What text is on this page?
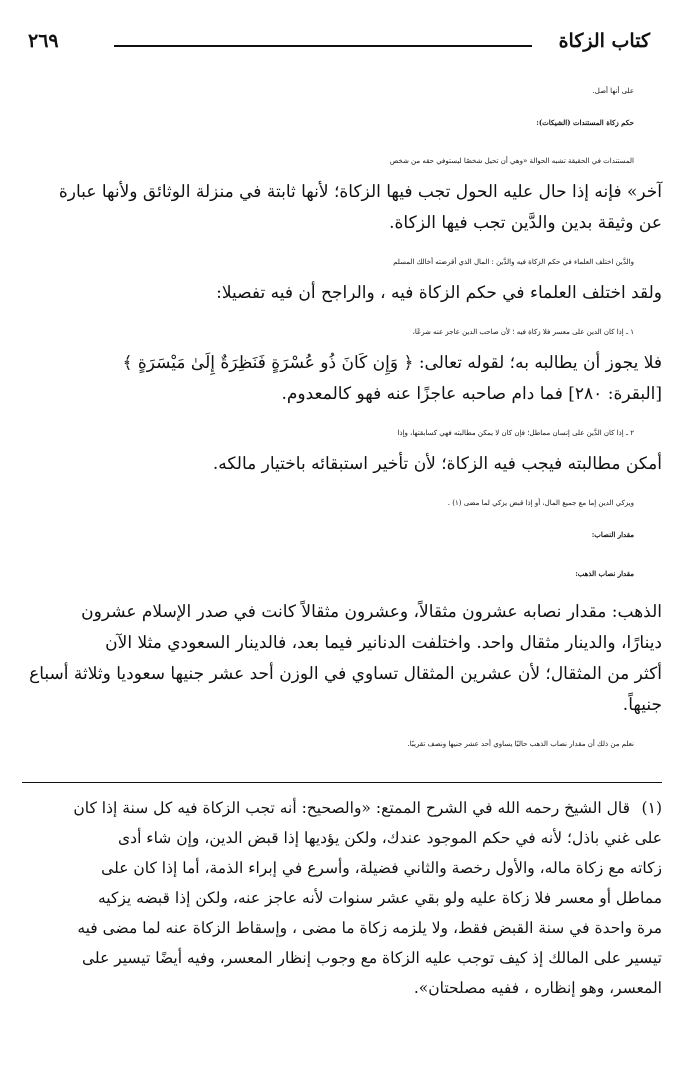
كتاب الزكاة
٢٦٩
على أنها أصل.
حكم زكاة المستندات (الشيكات):
المستندات في الحقيقة تشبه الحوالة «وهي أن تحيل شخصًا ليستوفي حقه من شخص
آخر» فإنه إذا حال عليه الحول تجب فيها الزكاة؛ لأنها ثابتة في منزلة الوثائق ولأنها عبارة
عن وثيقة بدين والدَّين تجب فيها الزكاة.
والدَّين اختلف العلماء في حكم الزكاة فيه والدَّين : المال الذي أقرضته أخالك المسلم
ولقد اختلف العلماء في حكم الزكاة فيه ، والراجح أن فيه تفصيلا:
١ ـ إذا كان الدين على معسر فلا زكاة فيه ؛ لأن صاحب الدين عاجز عنه شرعًا،
فلا يجوز أن يطالبه به؛ لقوله تعالى: ﴿ وَإِن كَانَ ذُو عُسْرَةٍ فَنَظِرَةٌ إِلَىٰ مَيْسَرَةٍ ﴾
[البقرة: ٢٨٠] فما دام صاحبه عاجزًا عنه فهو كالمعدوم.
٢ ـ إذا كان الدَّين على إنسان مماطل؛ فإن كان لا يمكن مطالبته فهي كسابقتها، وإذا
أمكن مطالبته فيجب فيه الزكاة؛ لأن تأخير استبقائه باختيار مالكه.
ويزكي الدين إما مع جميع المال، أو إذا قبض يزكي لما مضى (١) .
مقدار النصاب:
مقدار نصاب الذهب:
الذهب: مقدار نصابه عشرون مثقالاً، وعشرون مثقالاً كانت في صدر الإسلام عشرون
دينارًا، والدينار مثقال واحد. واختلفت الدنانير فيما بعد، فالدينار السعودي مثلا الآن
أكثر من المثقال؛ لأن عشرين المثقال تساوي في الوزن أحد عشر جنيها سعوديا وثلاثة أسباع
جنيهاً.
نعلم من ذلك أن مقدار نصاب الذهب حاليًا يساوي أحد عشر جنيها ونصف تقريبًا.
(١)قال الشيخ رحمه الله في الشرح الممتع: «والصحيح: أنه تجب الزكاة فيه كل سنة إذا كان
على غني باذل؛ لأنه في حكم الموجود عندك، ولكن يؤديها إذا قبض الدين، وإن شاء أدى
زكاته مع زكاة ماله، والأول رخصة والثاني فضيلة، وأسرع في إبراء الذمة، أما إذا كان على
مماطل أو معسر فلا زكاة عليه ولو بقي عشر سنوات لأنه عاجز عنه، ولكن إذا قبضه يزكيه
مرة واحدة في سنة القبض فقط، ولا يلزمه زكاة ما مضى ، وإسقاط الزكاة عنه لما مضى فيه
تيسير على المالك إذ كيف توجب عليه الزكاة مع وجوب إنظار المعسر، وفيه أيضًا تيسير على
المعسر، وهو إنظاره ، ففيه مصلحتان».
